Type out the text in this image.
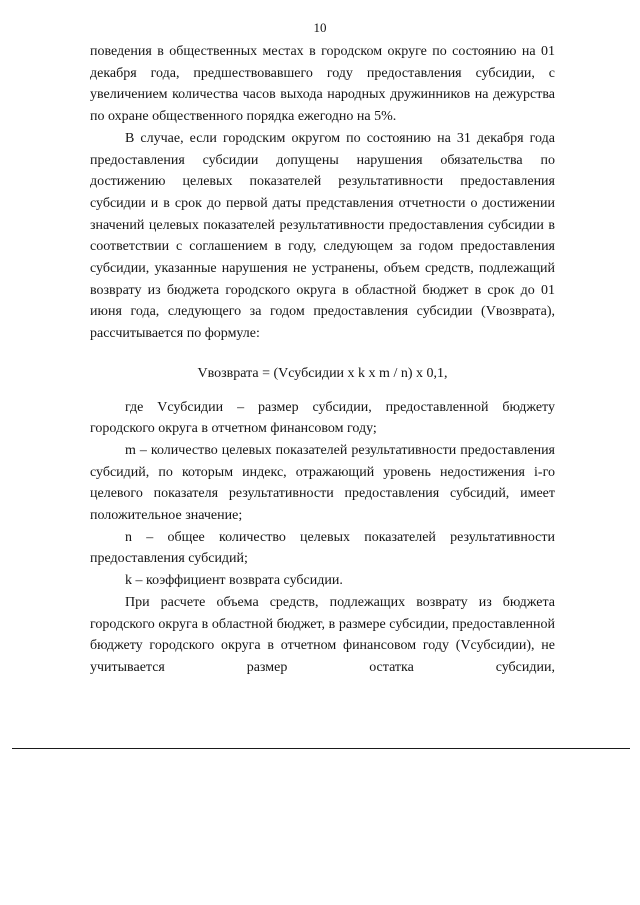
10

поведения в общественных местах в городском округе по состоянию на 01 декабря года, предшествовавшего году предоставления субсидии, с увеличением количества часов выхода народных дружинников на дежурства по охране общественного порядка ежегодно на 5%.

В случае, если городским округом по состоянию на 31 декабря года предоставления субсидии допущены нарушения обязательства по достижению целевых показателей результативности предоставления субсидии и в срок до первой даты представления отчетности о достижении значений целевых показателей результативности предоставления субсидии в соответствии с соглашением в году, следующем за годом предоставления субсидии, указанные нарушения не устранены, объем средств, подлежащий возврату из бюджета городского округа в областной бюджет в срок до 01 июня года, следующего за годом предоставления субсидии (Vвозврата), рассчитывается по формуле:

Vвозврата = (Vсубсидии x k x m / n) x 0,1,

где Vсубсидии – размер субсидии, предоставленной бюджету городского округа в отчетном финансовом году;

m – количество целевых показателей результативности предоставления субсидий, по которым индекс, отражающий уровень недостижения i-го целевого показателя результативности предоставления субсидий, имеет положительное значение;

n – общее количество целевых показателей результативности предоставления субсидий;

k – коэффициент возврата субсидии.

При расчете объема средств, подлежащих возврату из бюджета городского округа в областной бюджет, в размере субсидии, предоставленной бюджету городского округа в отчетном финансовом году (Vсубсидии), не учитывается размер остатка субсидии,
